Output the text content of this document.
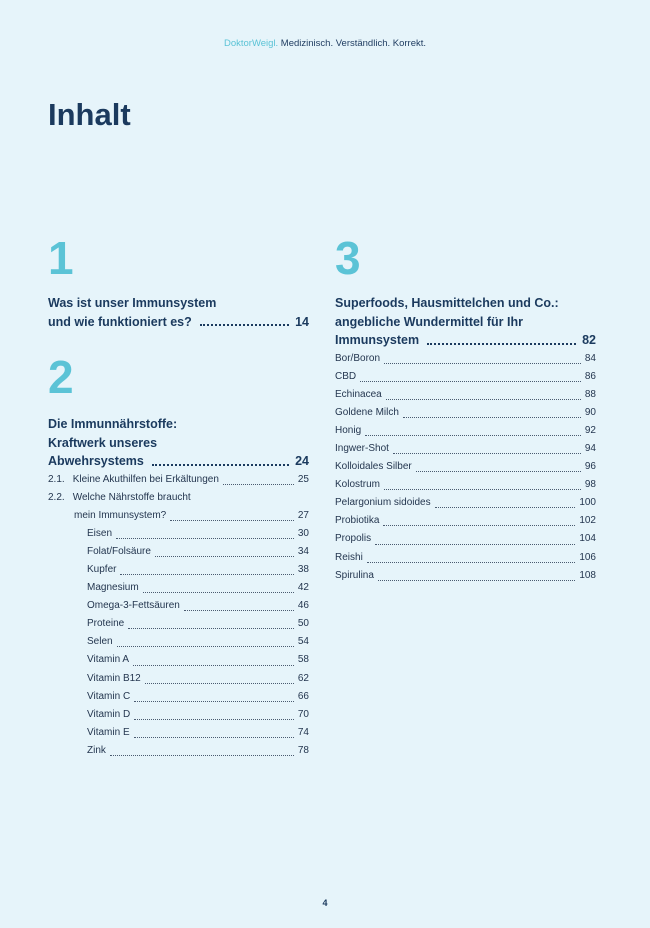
DoktorWeigl. Medizinisch. Verständlich. Korrekt.
Inhalt
1
Was ist unser Immunsystem
und wie funktioniert es?	14
2
Die Immunnährstoffe:
Kraftwerk unseres
Abwehrsystems	24
2.1. Kleine Akuthilfen bei Erkältungen	25
2.2. Welche Nährstoffe braucht
mein Immunsystem?	27
Eisen	30
Folat/Folsäure	34
Kupfer	38
Magnesium	42
Omega-3-Fettsäuren	46
Proteine	50
Selen	54
Vitamin A	58
Vitamin B12	62
Vitamin C	66
Vitamin D	70
Vitamin E	74
Zink	78
3
Superfoods, Hausmittelchen und Co.:
angebliche Wundermittel für Ihr
Immunsystem	82
Bor/Boron	84
CBD	86
Echinacea	88
Goldene Milch	90
Honig	92
Ingwer-Shot	94
Kolloidales Silber	96
Kolostrum	98
Pelargonium sidoides	100
Probiotika	102
Propolis	104
Reishi	106
Spirulina	108
4
